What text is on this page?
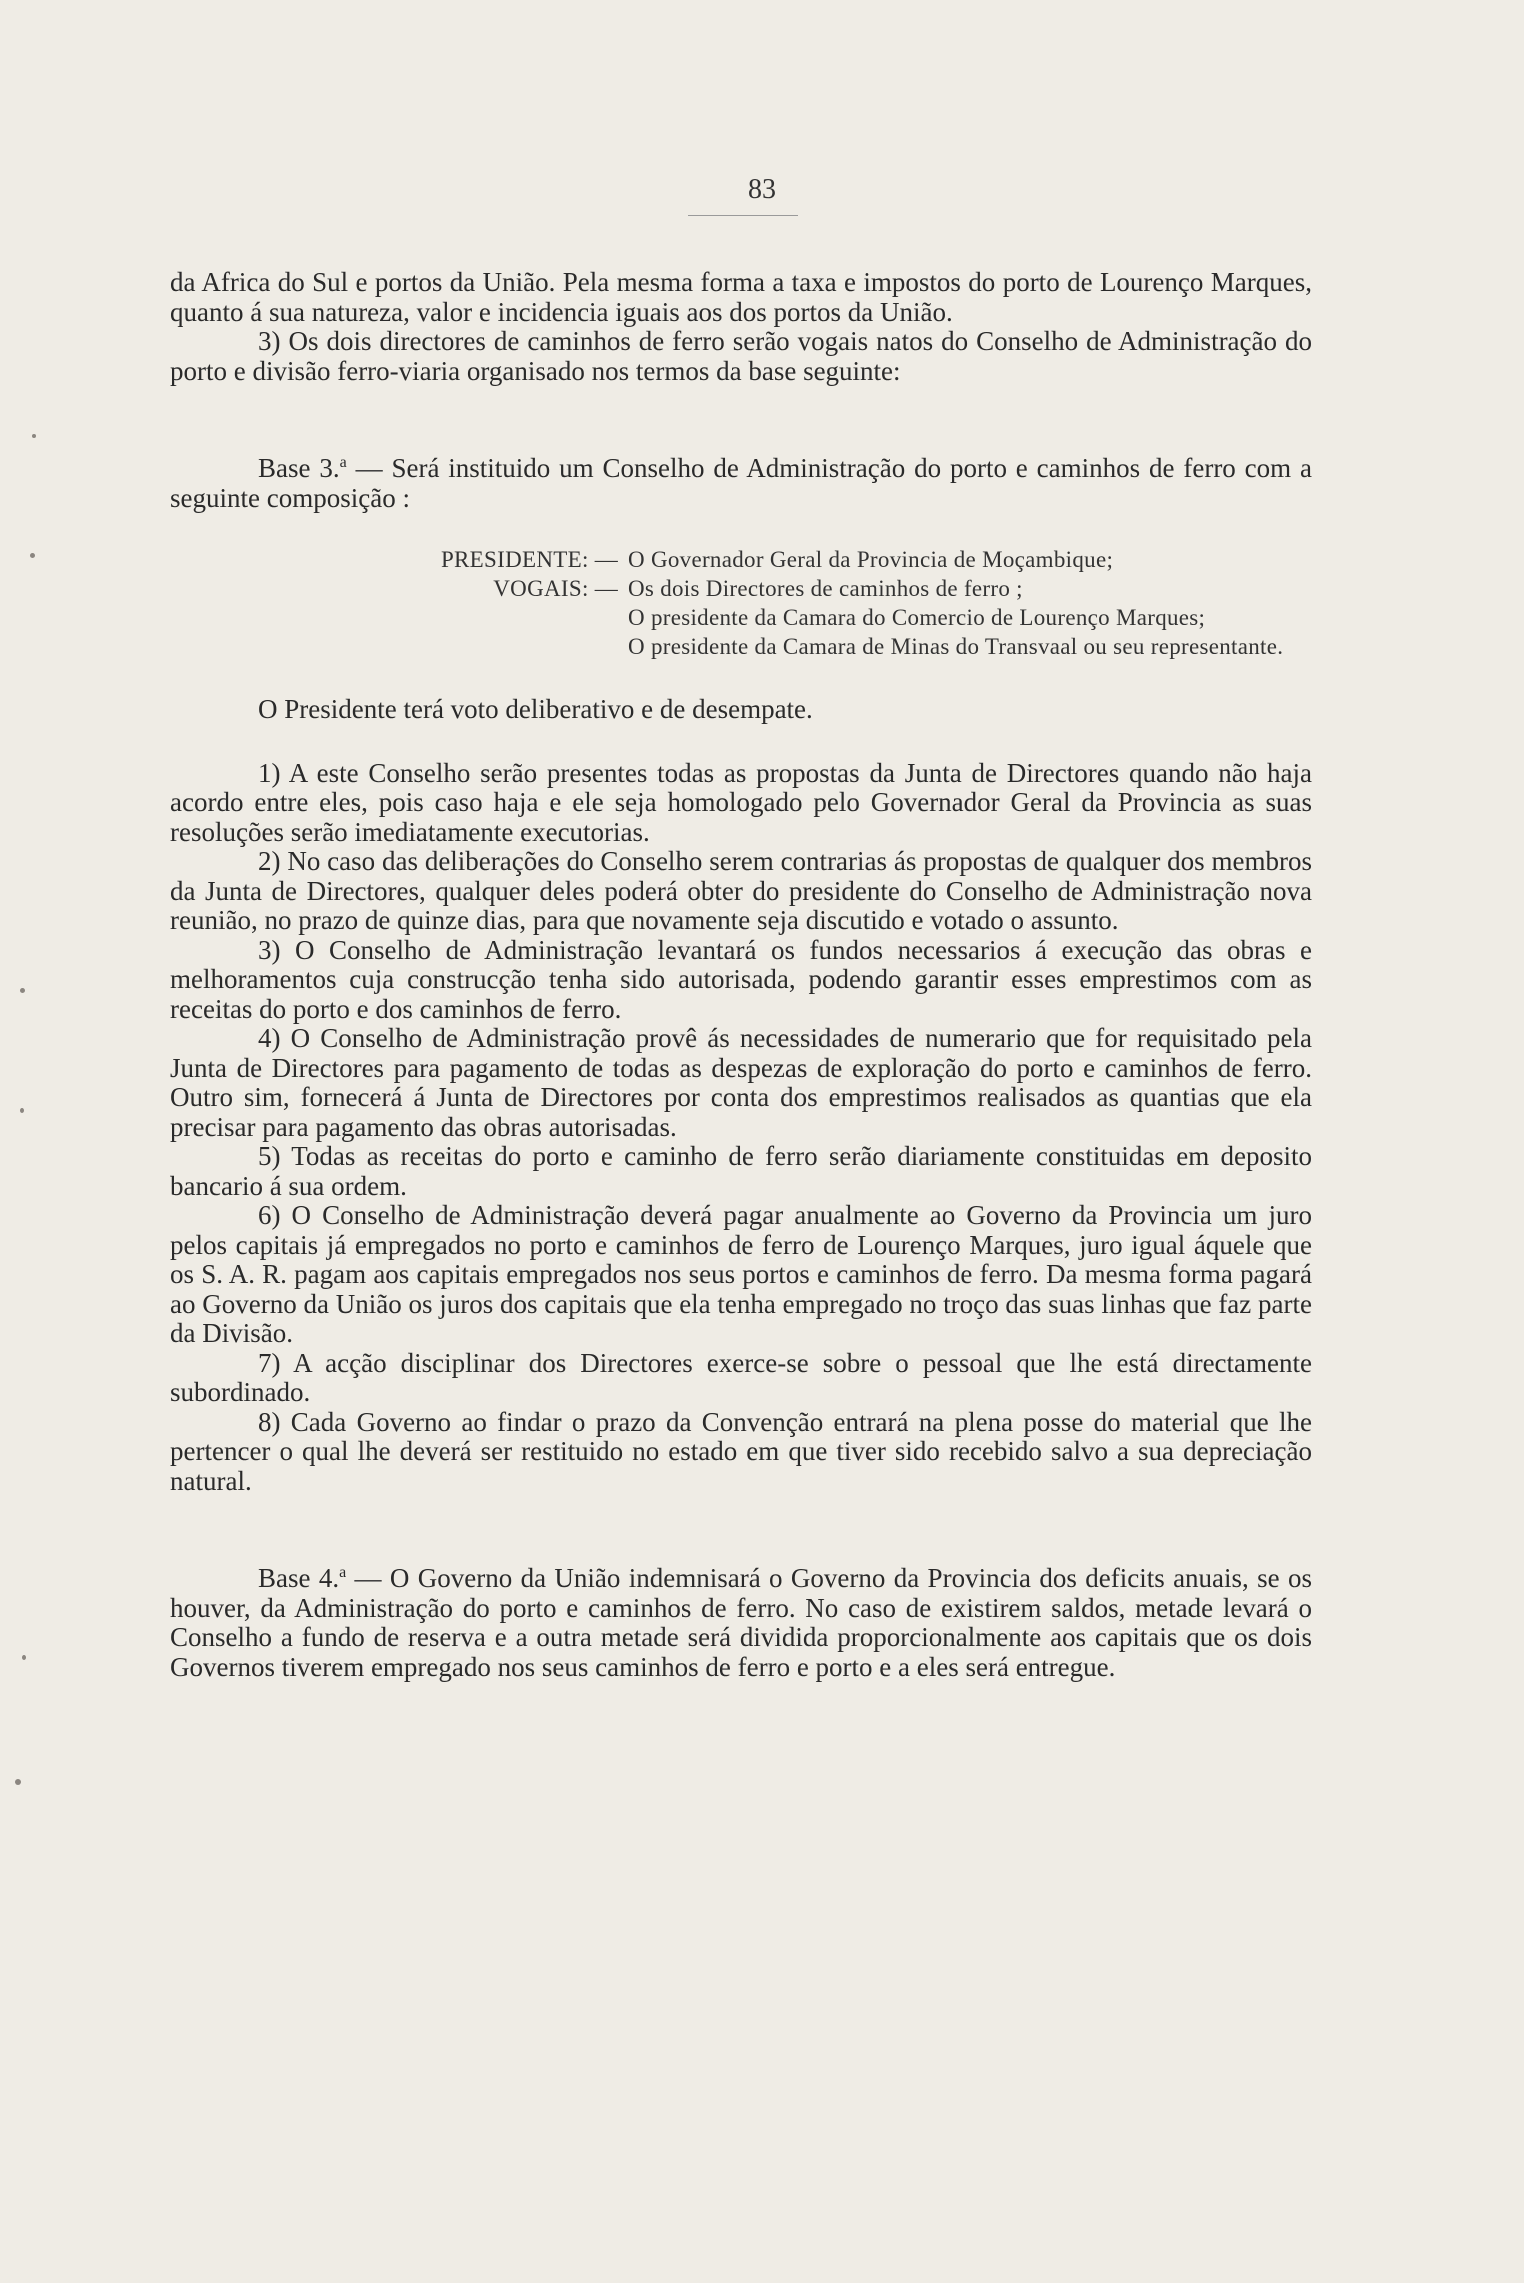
83

da Africa do Sul e portos da União. Pela mesma forma a taxa e impostos do porto de Lourenço Marques, quanto á sua natureza, valor e incidencia iguais aos dos portos da União.

3) Os dois directores de caminhos de ferro serão vogais natos do Conselho de Administração do porto e divisão ferro-viaria organisado nos termos da base seguinte:

Base 3.$^a$ — Será instituido um Conselho de Administração do porto e caminhos de ferro com a seguinte composição :

PRESIDENTE: — O Governador Geral da Provincia de Moçambique;
VOGAIS: — Os dois Directores de caminhos de ferro ;
O presidente da Camara do Comercio de Lourenço Marques;
O presidente da Camara de Minas do Transvaal ou seu representante.

O Presidente terá voto deliberativo e de desempate.

1) A este Conselho serão presentes todas as propostas da Junta de Directores quando não haja acordo entre eles, pois caso haja e ele seja homologado pelo Governador Geral da Provincia as suas resoluções serão imediatamente executorias.

2) No caso das deliberações do Conselho serem contrarias ás propostas de qualquer dos membros da Junta de Directores, qualquer deles poderá obter do presidente do Conselho de Administração nova reunião, no prazo de quinze dias, para que novamente seja discutido e votado o assunto.

3) O Conselho de Administração levantará os fundos necessarios á execução das obras e melhoramentos cuja construcção tenha sido autorisada, podendo garantir esses emprestimos com as receitas do porto e dos caminhos de ferro.

4) O Conselho de Administração provê ás necessidades de numerario que for requisitado pela Junta de Directores para pagamento de todas as despezas de exploração do porto e caminhos de ferro. Outro sim, fornecerá á Junta de Directores por conta dos emprestimos realisados as quantias que ela precisar para pagamento das obras autorisadas.

5) Todas as receitas do porto e caminho de ferro serão diariamente constituidas em deposito bancario á sua ordem.

6) O Conselho de Administração deverá pagar anualmente ao Governo da Provincia um juro pelos capitais já empregados no porto e caminhos de ferro de Lourenço Marques, juro igual áquele que os S. A. R. pagam aos capitais empregados nos seus portos e caminhos de ferro. Da mesma forma pagará ao Governo da União os juros dos capitais que ela tenha empregado no troço das suas linhas que faz parte da Divisão.

7) A acção disciplinar dos Directores exerce-se sobre o pessoal que lhe está directamente subordinado.

8) Cada Governo ao findar o prazo da Convenção entrará na plena posse do material que lhe pertencer o qual lhe deverá ser restituido no estado em que tiver sido recebido salvo a sua depreciação natural.

Base 4.$^a$ — O Governo da União indemnisará o Governo da Provincia dos deficits anuais, se os houver, da Administração do porto e caminhos de ferro. No caso de existirem saldos, metade levará o Conselho a fundo de reserva e a outra metade será dividida proporcionalmente aos capitais que os dois Governos tiverem empregado nos seus caminhos de ferro e porto e a eles será entregue.
